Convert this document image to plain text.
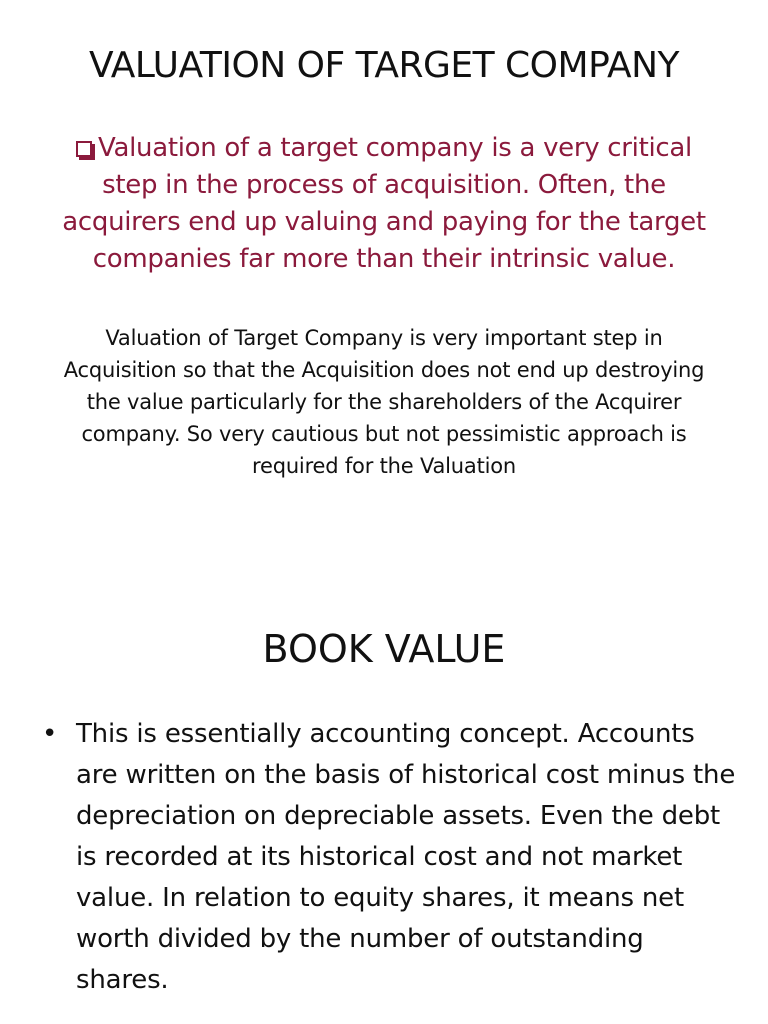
VALUATION OF TARGET COMPANY

Valuation of a target company is a very critical step in the process of acquisition. Often, the acquirers end up valuing and paying for the target companies far more than their intrinsic value.

Valuation of Target Company is very important step in Acquisition so that the Acquisition does not end up destroying the value particularly for the shareholders of the Acquirer company. So very cautious but not pessimistic approach is required for the Valuation

BOOK VALUE
• This is essentially accounting concept. Accounts are written on the basis of historical cost minus the depreciation on depreciable assets. Even the debt is recorded at its historical cost and not market value. In relation to equity shares, it means net worth divided by the number of outstanding shares.
